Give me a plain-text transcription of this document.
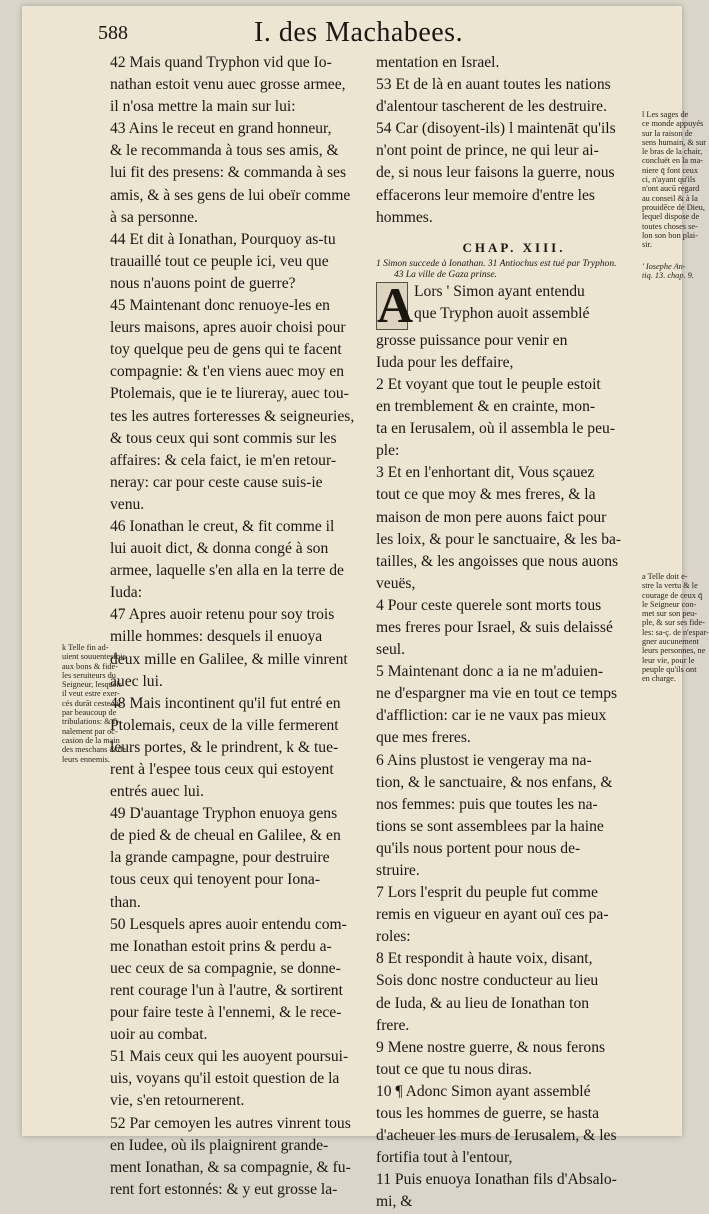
588	I. des Machabees.
42 Mais quand Tryphon vid que Io-
nathan estoit venu auec grosse armee,
il n'osa mettre la main sur lui:
43 Ains le receut en grand honneur,
& le recommanda à tous ses amis, &
lui fit des presens: & commanda à ses
amis, & à ses gens de lui obeïr comme
à sa personne.
44 Et dit à Ionathan, Pourquoy as-tu
trauaillé tout ce peuple ici, veu que
nous n'auons point de guerre?
45 Maintenant donc renuoye-les en
leurs maisons, apres auoir choisi pour
toy quelque peu de gens qui te facent
compagnie: & t'en viens auec moy en
Ptolemais, que ie te liureray, auec tou-
tes les autres forteresses & seigneuries,
& tous ceux qui sont commis sur les
affaires: & cela faict, ie m'en retour-
neray: car pour ceste cause suis-ie
venu.
46 Ionathan le creut, & fit comme il
lui auoit dict, & donna congé à son
armee, laquelle s'en alla en la terre de
Iuda:
47 Apres auoir retenu pour soy trois
mille hommes: desquels il enuoya
deux mille en Galilee, & mille vinrent
auec lui.
48 Mais incontinent qu'il fut entré en
Ptolemais, ceux de la ville fermerent
leurs portes, & le prindrent, k & tue-
rent à l'espee tous ceux qui estoyent
entrés auec lui.
49 D'auantage Tryphon enuoya gens
de pied & de cheual en Galilee, & en
la grande campagne, pour destruire
tous ceux qui tenoyent pour Iona-
than.
50 Lesquels apres auoir entendu com-
me Ionathan estoit prins & perdu a-
uec ceux de sa compagnie, se donne-
rent courage l'un à l'autre, & sortirent
pour faire teste à l'ennemi, & le rece-
uoir au combat.
51 Mais ceux qui les auoyent poursui-
uis, voyans qu'il estoit question de la
vie, s'en retournerent.
52 Par cemoyen les autres vinrent tous
en Iudee, où ils plaignirent grande-
ment Ionathan, & sa compagnie, & fu-
rent fort estonnés: & y eut grosse la-
mentation en Israel.
53 Et de là en auant toutes les nations
d'alentour tascherent de les destruire.
54 Car (disoyent-ils) l maintenāt qu'ils
n'ont point de prince, ne qui leur ai-
de, si nous leur faisons la guerre, nous
effacerons leur memoire d'entre les
hommes.
CHAP. XIII.
1 Simon succede à Ionathan. 31 Antiochus est tué par Tryphon.
43 La ville de Gaza prinse.
A Lors ' Simon ayant entendu
que Tryphon auoit assemblé
grosse puissance pour venir en
Iuda pour les deffaire,
2 Et voyant que tout le peuple estoit
en tremblement & en crainte, mon-
ta en Ierusalem, où il assembla le peu-
ple:
3 Et en l'enhortant dit, Vous sçauez
tout ce que moy & mes freres, & la
maison de mon pere auons faict pour
les loix, & pour le sanctuaire, & les ba-
tailles, & les angoisses que nous auons
veuës,
4 Pour ceste querele sont morts tous
mes freres pour Israel, & suis delaissé
seul.
5 Maintenant donc a ia ne m'aduien-
ne d'espargner ma vie en tout ce temps
d'affliction: car ie ne vaux pas mieux
que mes freres.
6 Ains plustost ie vengeray ma na-
tion, & le sanctuaire, & nos enfans, &
nos femmes: puis que toutes les na-
tions se sont assemblees par la haine
qu'ils nous portent pour nous de-
struire.
7 Lors l'esprit du peuple fut comme
remis en vigueur en ayant ouï ces pa-
roles:
8 Et respondit à haute voix, disant,
Sois donc nostre conducteur au lieu
de Iuda, & au lieu de Ionathan ton
frere.
9 Mene nostre guerre, & nous ferons
tout ce que tu nous diras.
10 ¶ Adonc Simon ayant assemblé
tous les hommes de guerre, se hasta
d'acheuer les murs de Ierusalem, & les
fortifia tout à l'entour,
11 Puis enuoya Ionathan fils d'Absalo-
mi, &
k Telle fin ad-
uient souuentesfois
aux bons & fide-
les seruiteurs du
Seigneur, lesquels
il veut estre exer-
cés durāt ceste vie
par beaucoup de
tribulations: & fi-
nalement par oc-
casion de la main
des meschans & de
leurs ennemis.
l Les sages de
ce monde appuyés
sur la raison de
sens humain, & sur
le bras de la chair,
concluët en la ma-
niere q̄ font ceux
ci, n'ayant qu'ils
n'ont aucū regard
au conseil & à la
prouidēce de Dieu,
lequel dispose de
toutes choses se-
lon son bon plai-
sir.
' Iosephe An-
tiq. 13. chap. 9.
a Telle doit e-
stre la vertu & le
courage de ceux q̄
le Seigneur con-
met sur son peu-
ple, & sur ses fide-
les: sa-ç. de n'espar-
gner aucunement
leurs personnes, ne
leur vie, pour le
peuple qu'ils ont
en charge.
